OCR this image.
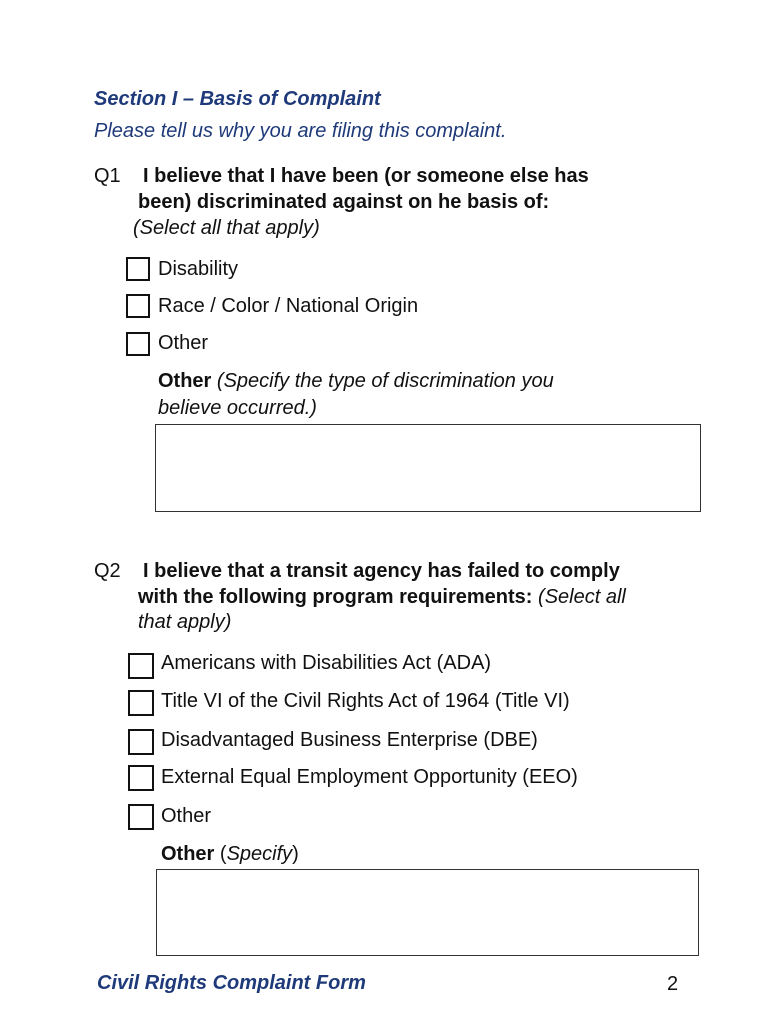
Section I – Basis of Complaint
Please tell us why you are filing this complaint.
Q1 I believe that I have been (or someone else has
been) discriminated against on he basis of:
(Select all that apply)
Disability
Race / Color / National Origin
Other
Other (Specify the type of discrimination you
believe occurred.)
Q2 I believe that a transit agency has failed to comply
with the following program requirements: (Select all
that apply)
Americans with Disabilities Act (ADA)
Title VI of the Civil Rights Act of 1964 (Title VI)
Disadvantaged Business Enterprise (DBE)
External Equal Employment Opportunity (EEO)
Other
Other (Specify)
Civil Rights Complaint Form	2
